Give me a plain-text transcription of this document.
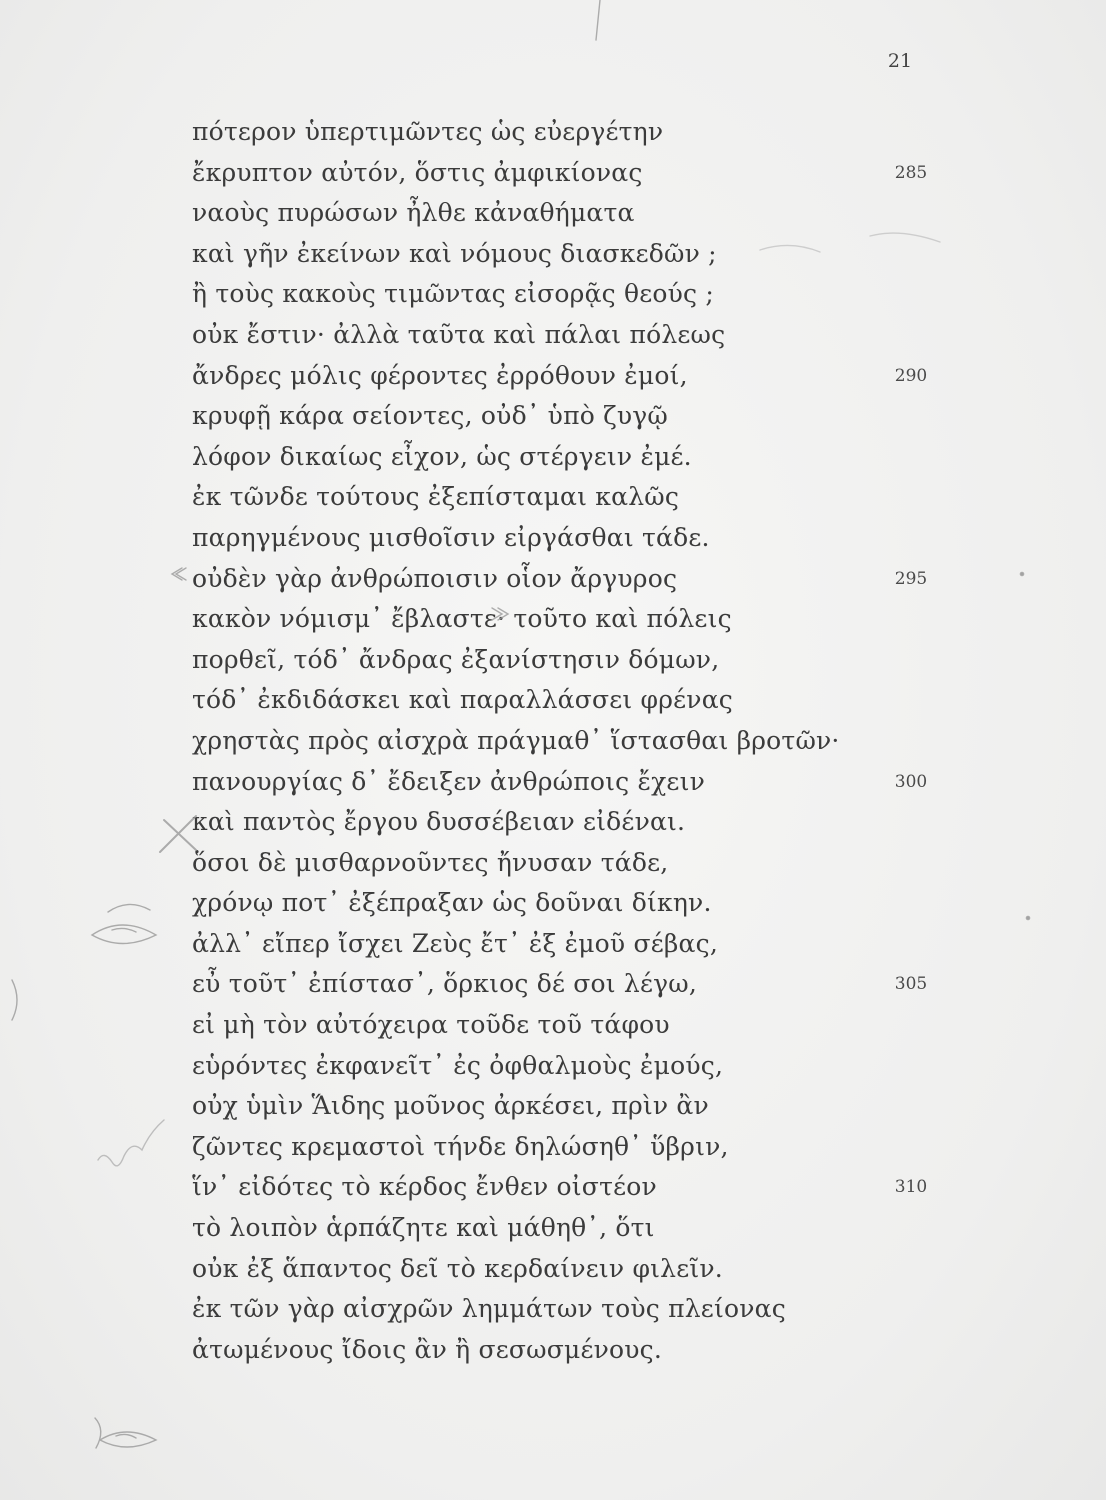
21
πότερον ὑπερτιμῶντες ὡς εὐεργέτην
ἔκρυπτον αὐτόν, ὅστις ἀμφικίονας	285
ναοὺς πυρώσων ἦλθε κἀναθήματα
καὶ γῆν ἐκείνων καὶ νόμους διασκεδῶν ;
ἢ τοὺς κακοὺς τιμῶντας εἰσορᾷς θεούς ;
οὐκ ἔστιν· ἀλλὰ ταῦτα καὶ πάλαι πόλεως
ἄνδρες μόλις φέροντες ἐρρόθουν ἐμοί,	290
κρυφῇ κάρα σείοντες, οὐδ᾽ ὑπὸ ζυγῷ
λόφον δικαίως εἶχον, ὡς στέργειν ἐμέ.
ἐκ τῶνδε τούτους ἐξεπίσταμαι καλῶς
παρηγμένους μισθοῖσιν εἰργάσθαι τάδε.
οὐδὲν γὰρ ἀνθρώποισιν οἷον ἄργυρος	295
κακὸν νόμισμ᾽ ἔβλαστε· τοῦτο καὶ πόλεις
πορθεῖ, τόδ᾽ ἄνδρας ἐξανίστησιν δόμων,
τόδ᾽ ἐκδιδάσκει καὶ παραλλάσσει φρένας
χρηστὰς πρὸς αἰσχρὰ πράγμαθ᾽ ἵστασθαι βροτῶν·
πανουργίας δ᾽ ἔδειξεν ἀνθρώποις ἔχειν	300
καὶ παντὸς ἔργου δυσσέβειαν εἰδέναι.
ὅσοι δὲ μισθαρνοῦντες ἤνυσαν τάδε,
χρόνῳ ποτ᾽ ἐξέπραξαν ὡς δοῦναι δίκην.
ἀλλ᾽ εἴπερ ἴσχει Ζεὺς ἔτ᾽ ἐξ ἐμοῦ σέβας,
εὖ τοῦτ᾽ ἐπίστασ᾽, ὅρκιος δέ σοι λέγω,	305
εἰ μὴ τὸν αὐτόχειρα τοῦδε τοῦ τάφου
εὑρόντες ἐκφανεῖτ᾽ ἐς ὀφθαλμοὺς ἐμούς,
οὐχ ὑμὶν Ἅιδης μοῦνος ἀρκέσει, πρὶν ἂν
ζῶντες κρεμαστοὶ τήνδε δηλώσηθ᾽ ὕβριν,
ἵν᾽ εἰδότες τὸ κέρδος ἔνθεν οἰστέον	310
τὸ λοιπὸν ἁρπάζητε καὶ μάθηθ᾽, ὅτι
οὐκ ἐξ ἅπαντος δεῖ τὸ κερδαίνειν φιλεῖν.
ἐκ τῶν γὰρ αἰσχρῶν λημμάτων τοὺς πλείονας
ἀτωμένους ἴδοις ἂν ἢ σεσωσμένους.
